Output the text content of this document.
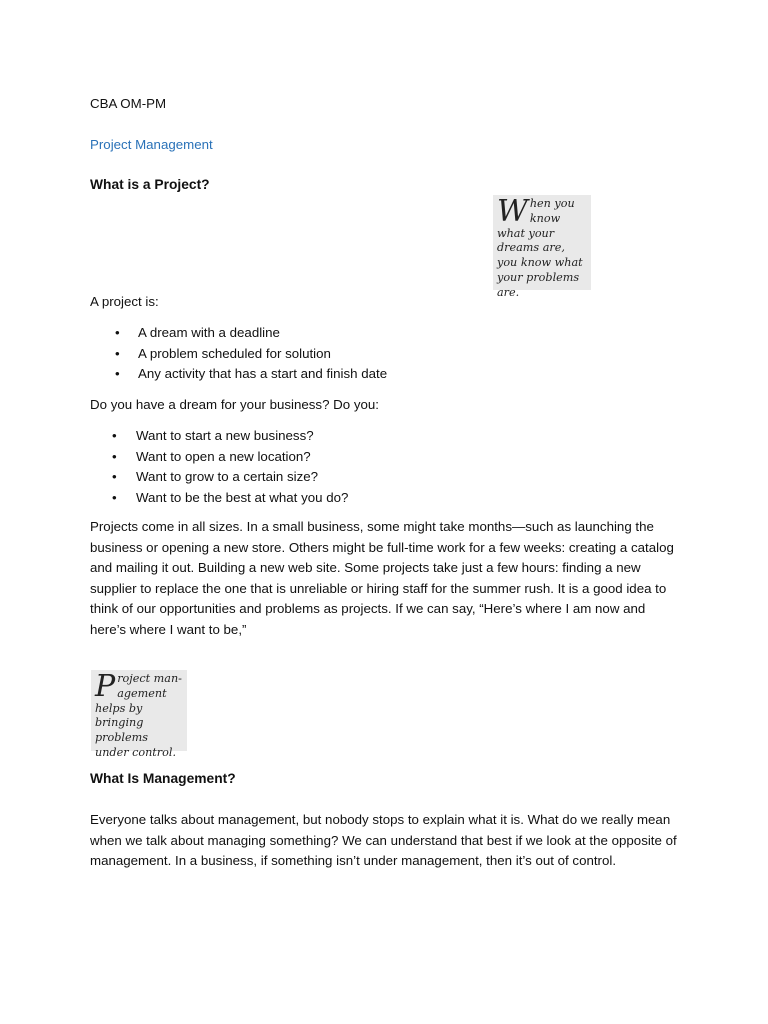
CBA OM-PM
Project Management
What is a Project?
When you know what your dreams are, you know what your problems are.
A project is:
• A dream with a deadline
• A problem scheduled for solution
• Any activity that has a start and finish date
Do you have a dream for your business? Do you:
• Want to start a new business?
• Want to open a new location?
• Want to grow to a certain size?
• Want to be the best at what you do?
Projects come in all sizes. In a small business, some might take months—such as launching the business or opening a new store. Others might be full-time work for a few weeks: creating a catalog and mailing it out. Building a new web site. Some projects take just a few hours: finding a new supplier to replace the one that is unreliable or hiring staff for the summer rush. It is a good idea to think of our opportunities and problems as projects. If we can say, “Here’s where I am now and here’s where I want to be,”
Project man-agement helps by bringing problems under control.
What Is Management?
Everyone talks about management, but nobody stops to explain what it is. What do we really mean when we talk about managing something? We can understand that best if we look at the opposite of management. In a business, if something isn’t under management, then it’s out of control.
